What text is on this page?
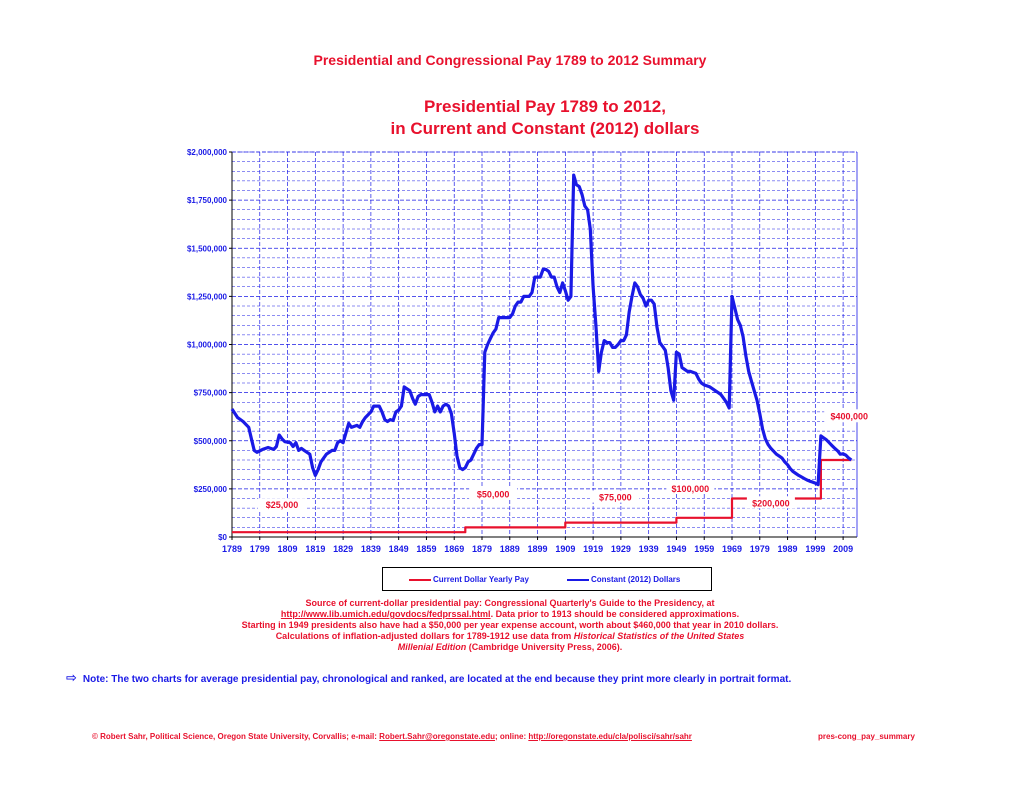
Presidential and Congressional Pay 1789 to 2012 Summary
Presidential Pay 1789 to 2012,
in Current and Constant (2012) dollars
$0
$250,000
$500,000
$750,000
$1,000,000
$1,250,000
$1,500,000
$1,750,000
$2,000,000
1789 1799 1809 1819 1829 1839 1849 1859 1869 1879 1889 1899 1909 1919 1929 1939 1949 1959 1969 1979 1989 1999 2009
$25,000
$50,000	$75,000
$100,000
$200,000
$400,000
Current Dollar Yearly Pay	Constant (2012) Dollars
Source of current-dollar presidential pay: Congressional Quarterly's Guide to the Presidency, at
http://www.lib.umich.edu/govdocs/fedprssal.html. Data prior to 1913 should be considered approximations.
Starting in 1949 presidents also have had a $50,000 per year expense account, worth about $460,000 that year in 2010 dollars.
Calculations of inflation-adjusted dollars for 1789-1912 use data from Historical Statistics of the United States
Millenial Edition (Cambridge University Press, 2006).
⇨ Note: The two charts for average presidential pay, chronological and ranked, are located at the end because they print more clearly in portrait format.
© Robert Sahr, Political Science, Oregon State University, Corvallis; e-mail: Robert.Sahr@oregonstate.edu; online: http://oregonstate.edu/cla/polisci/sahr/sahr	pres-cong_pay_summary
